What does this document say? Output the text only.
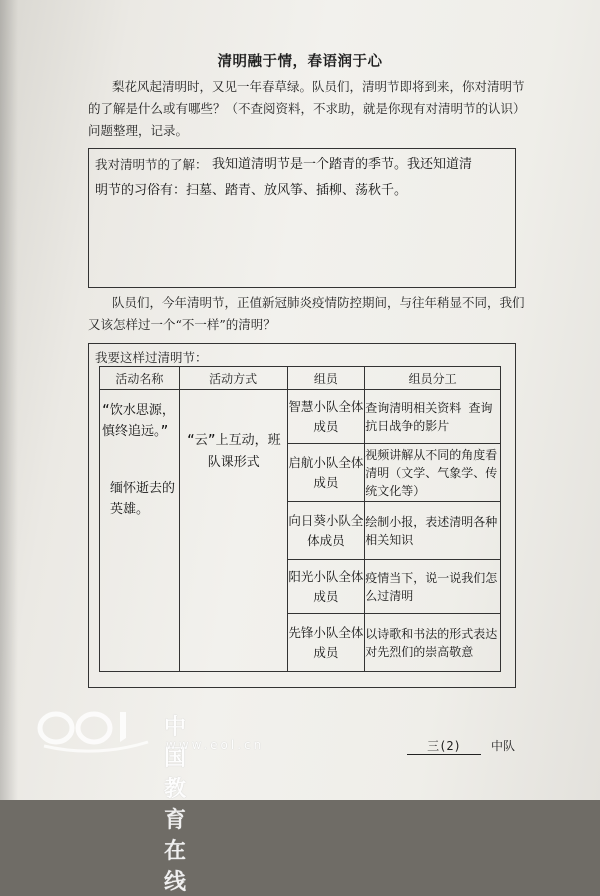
清明融于情，春语润于心
梨花风起清明时，又见一年春草绿。队员们，清明节即将到来，你对清明节的了解是什么或有哪些？（不查阅资料，不求助，就是你现有对清明节的认识）问题整理，记录。
我对清明节的了解： 我知道清明节是一个踏青的季节。我还知道清
明节的习俗有：扫墓、踏青、放风筝、插柳、荡秋千。
队员们，今年清明节，正值新冠肺炎疫情防控期间，与往年稍显不同，我们又该怎样过一个“不一样”的清明？
我要这样过清明节：
活动名称	活动方式	组员	组员分工

“饮水思源，慎终追远。”
缅怀逝去的英雄。	“云”上互动，班队课形式	智慧小队全体成员	查询清明相关资料 查询抗日战争的影片
		启航小队全体成员	视频讲解从不同的角度看清明（文学、气象学、传统文化等）
		向日葵小队全体成员	绘制小报，表述清明各种相关知识
		阳光小队全体成员	疫情当下，说一说我们怎么过清明
		先锋小队全体成员	以诗歌和书法的形式表达对先烈们的崇高敬意
中国教育在线
www.eol.cn	三(2)	中队
